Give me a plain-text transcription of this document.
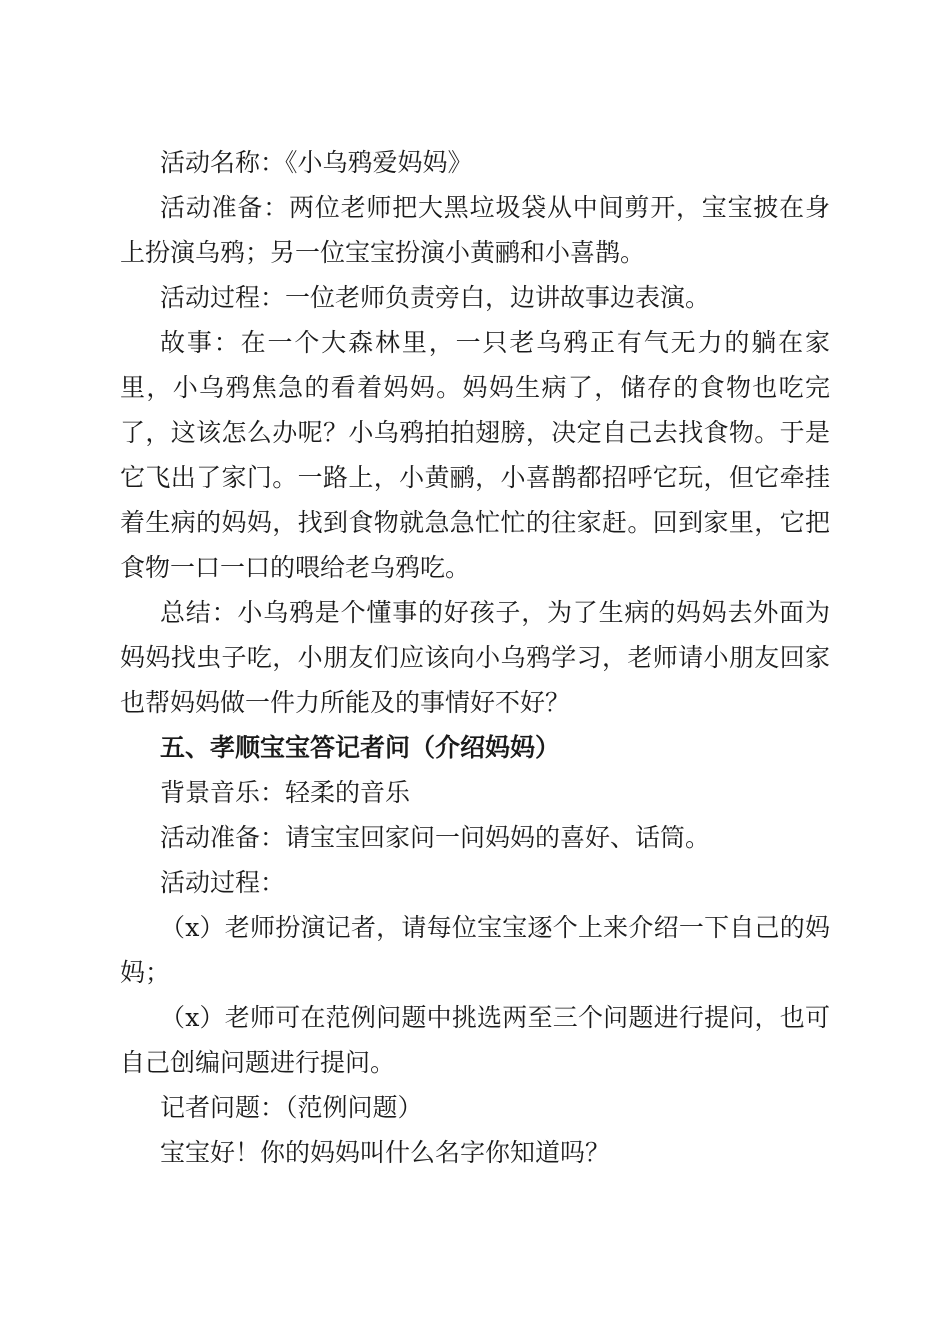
活动名称：《小乌鸦爱妈妈》

活动准备：两位老师把大黑垃圾袋从中间剪开，宝宝披在身上扮演乌鸦；另一位宝宝扮演小黄鹂和小喜鹊。

活动过程：一位老师负责旁白，边讲故事边表演。

故事：在一个大森林里，一只老乌鸦正有气无力的躺在家里，小乌鸦焦急的看着妈妈。妈妈生病了，储存的食物也吃完了，这该怎么办呢？小乌鸦拍拍翅膀，决定自己去找食物。于是它飞出了家门。一路上，小黄鹂，小喜鹊都招呼它玩，但它牵挂着生病的妈妈，找到食物就急急忙忙的往家赶。回到家里，它把食物一口一口的喂给老乌鸦吃。

总结：小乌鸦是个懂事的好孩子，为了生病的妈妈去外面为妈妈找虫子吃，小朋友们应该向小乌鸦学习，老师请小朋友回家也帮妈妈做一件力所能及的事情好不好？

五、孝顺宝宝答记者问（介绍妈妈）

背景音乐：轻柔的音乐

活动准备：请宝宝回家问一问妈妈的喜好、话筒。

活动过程：

（x）老师扮演记者，请每位宝宝逐个上来介绍一下自己的妈妈；

（x）老师可在范例问题中挑选两至三个问题进行提问，也可自己创编问题进行提问。

记者问题：（范例问题）

宝宝好！你的妈妈叫什么名字你知道吗？
